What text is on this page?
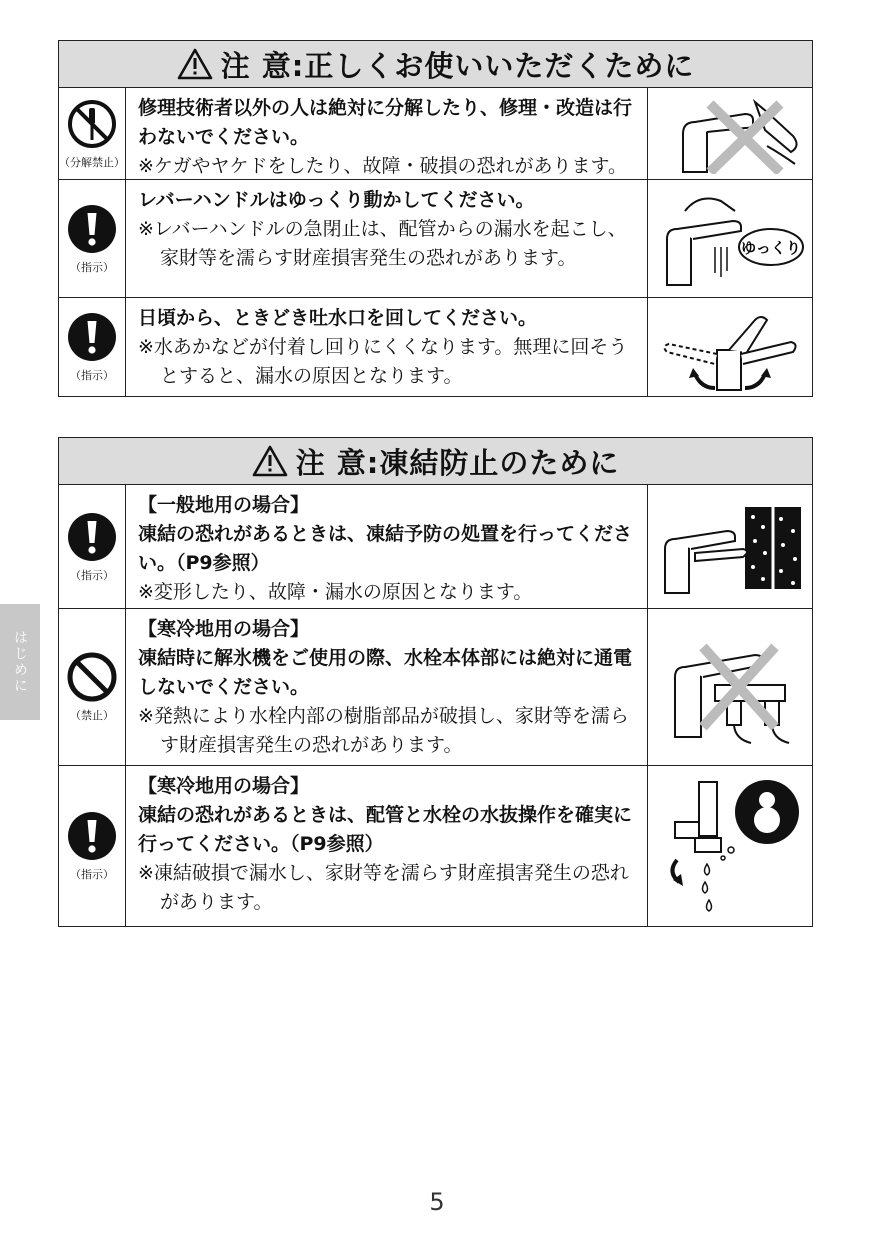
注 意:正しくお使いいただくために
（分解禁止）
修理技術者以外の人は絶対に分解したり、修理・改造は行わないでください。
※ケガやヤケドをしたり、故障・破損の恐れがあります。
（指示）
レバーハンドルはゆっくり動かしてください。
※レバーハンドルの急閉止は、配管からの漏水を起こし、家財等を濡らす財産損害発生の恐れがあります。	ゆっくり
（指示）
日頃から、ときどき吐水口を回してください。
※水あかなどが付着し回りにくくなります。無理に回そうとすると、漏水の原因となります。
注 意:凍結防止のために
（指示）
【一般地用の場合】
凍結の恐れがあるときは、凍結予防の処置を行ってください。（P9参照）
※変形したり、故障・漏水の原因となります。
（禁止）
【寒冷地用の場合】
凍結時に解氷機をご使用の際、水栓本体部には絶対に通電しないでください。
※発熱により水栓内部の樹脂部品が破損し、家財等を濡らす財産損害発生の恐れがあります。
（指示）
【寒冷地用の場合】
凍結の恐れがあるときは、配管と水栓の水抜操作を確実に行ってください。（P9参照）
※凍結破損で漏水し、家財等を濡らす財産損害発生の恐れがあります。
はじめに
5
